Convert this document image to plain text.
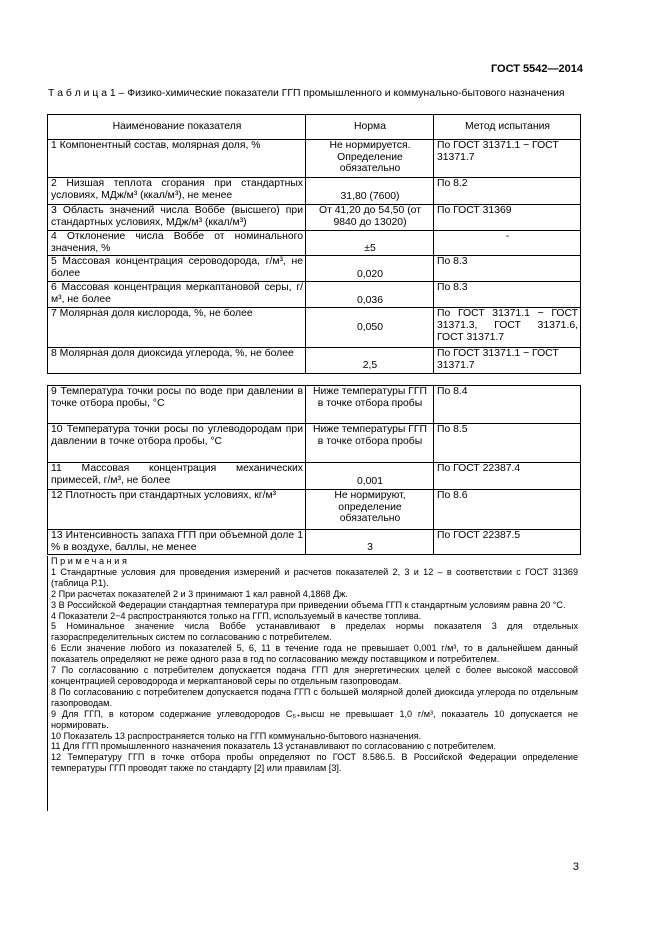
ГОСТ 5542—2014
Т а б л и ц а 1 – Физико-химические показатели ГГП промышленного и коммунально-бытового назначения
Наименование показателя	Норма	Метод испытания
1 Компонентный состав, молярная доля, %	Не нормируется. Определение обязательно	По ГОСТ 31371.1 − ГОСТ 31371.7
2 Низшая теплота сгорания при стандартных условиях, МДж/м³ (ккал/м³), не менее	31,80 (7600)	По 8.2
3 Область значений числа Воббе (высшего) при стандартных условиях, МДж/м³ (ккал/м³)	От 41,20 до 54,50 (от 9840 до 13020)	По ГОСТ 31369
4 Отклонение числа Воббе от номинального значения, %	±5	-
5 Массовая концентрация сероводорода, г/м³, не более	0,020	По 8.3
6 Массовая концентрация меркаптановой серы, г/м³, не более	0,036	По 8.3
7 Молярная доля кислорода, %, не более	0,050	По ГОСТ 31371.1 − ГОСТ 31371.3, ГОСТ 31371.6, ГОСТ 31371.7
8 Молярная доля диоксида углерода, %, не более	2,5	По ГОСТ 31371.1 − ГОСТ 31371.7
9 Температура точки росы по воде при давлении в точке отбора пробы, °С	Ниже температуры ГГП в точке отбора пробы	По 8.4
10 Температура точки росы по углеводородам при давлении в точке отбора пробы, °С	Ниже температуры ГГП в точке отбора пробы	По 8.5
11 Массовая концентрация механических примесей, г/м³, не более	0,001	По ГОСТ 22387.4
12 Плотность при стандартных условиях, кг/м³	Не нормируют, определение обязательно	По 8.6
13 Интенсивность запаха ГГП при объемной доле 1 % в воздухе, баллы, не менее	3	По ГОСТ 22387.5

Примечания

1 Стандартные условия для проведения измерений и расчетов показателей 2, 3 и 12 – в соответствии с ГОСТ 31369 (таблица Р.1).

2 При расчетах показателей 2 и 3 принимают 1 кал равной 4,1868 Дж.

3 В Российской Федерации стандартная температура при приведении объема ГГП к стандартным условиям равна 20 °С.

4 Показатели 2−4 распространяются только на ГГП, используемый в качестве топлива.

5 Номинальное значение числа Воббе устанавливают в пределах нормы показателя 3 для отдельных газораспределительных систем по согласованию с потребителем.

6 Если значение любого из показателей 5, 6, 11 в течение года не превышает 0,001 г/м³, то в дальнейшем данный показатель определяют не реже одного раза в год по согласованию между поставщиком и потребителем.

7 По согласованию с потребителем допускается подача ГГП для энергетических целей с более высокой массовой концентрацией сероводорода и меркаптановой серы по отдельным газопроводам.

8 По согласованию с потребителем допускается подача ГГП с большей молярной долей диоксида углерода по отдельным газопроводам.

9 Для ГГП, в котором содержание углеводородов C₅₊высш не превышает 1,0 г/м³, показатель 10 допускается не нормировать.

10 Показатель 13 распространяется только на ГГП коммунально-бытового назначения.

11 Для ГГП промышленного назначения показатель 13 устанавливают по согласованию с потребителем.

12 Температуру ГГП в точке отбора пробы определяют по ГОСТ 8.586.5. В Российской Федерации определение температуры ГГП проводят также по стандарту [2] или правилам [3].

3
